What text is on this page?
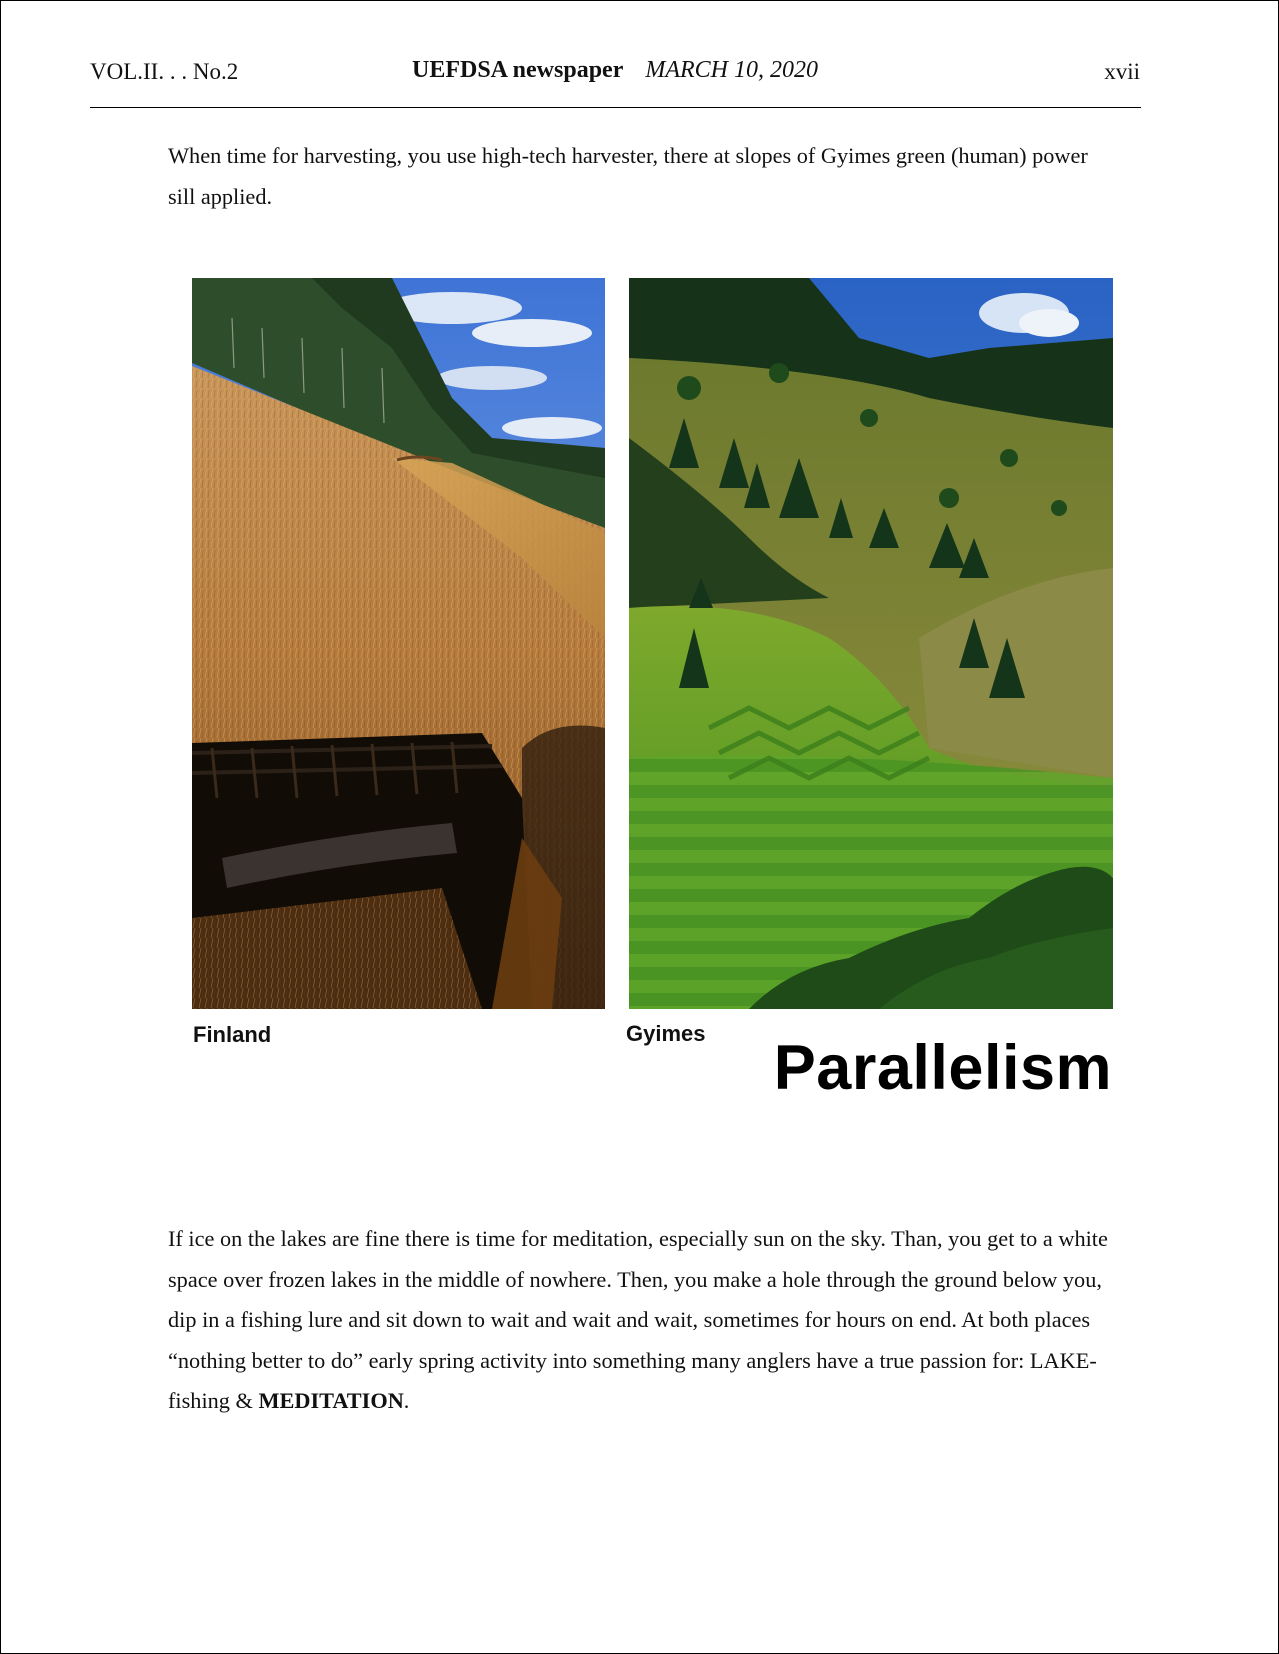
VOL.II. . . No.2	UEFDSA newspaper MARCH 10, 2020	xvii

When time for harvesting, you use high-tech harvester, there at slopes of Gyimes green (human) power sill applied.

Finland	Gyimes Parallelism

If ice on the lakes are fine there is time for meditation, especially sun on the sky. Than, you get to a white space over frozen lakes in the middle of nowhere. Then, you make a hole through the ground below you, dip in a fishing lure and sit down to wait and wait and wait, sometimes for hours on end. At both places “nothing better to do” early spring activity into something many anglers have a true passion for: LAKE-fishing & MEDITATION.
